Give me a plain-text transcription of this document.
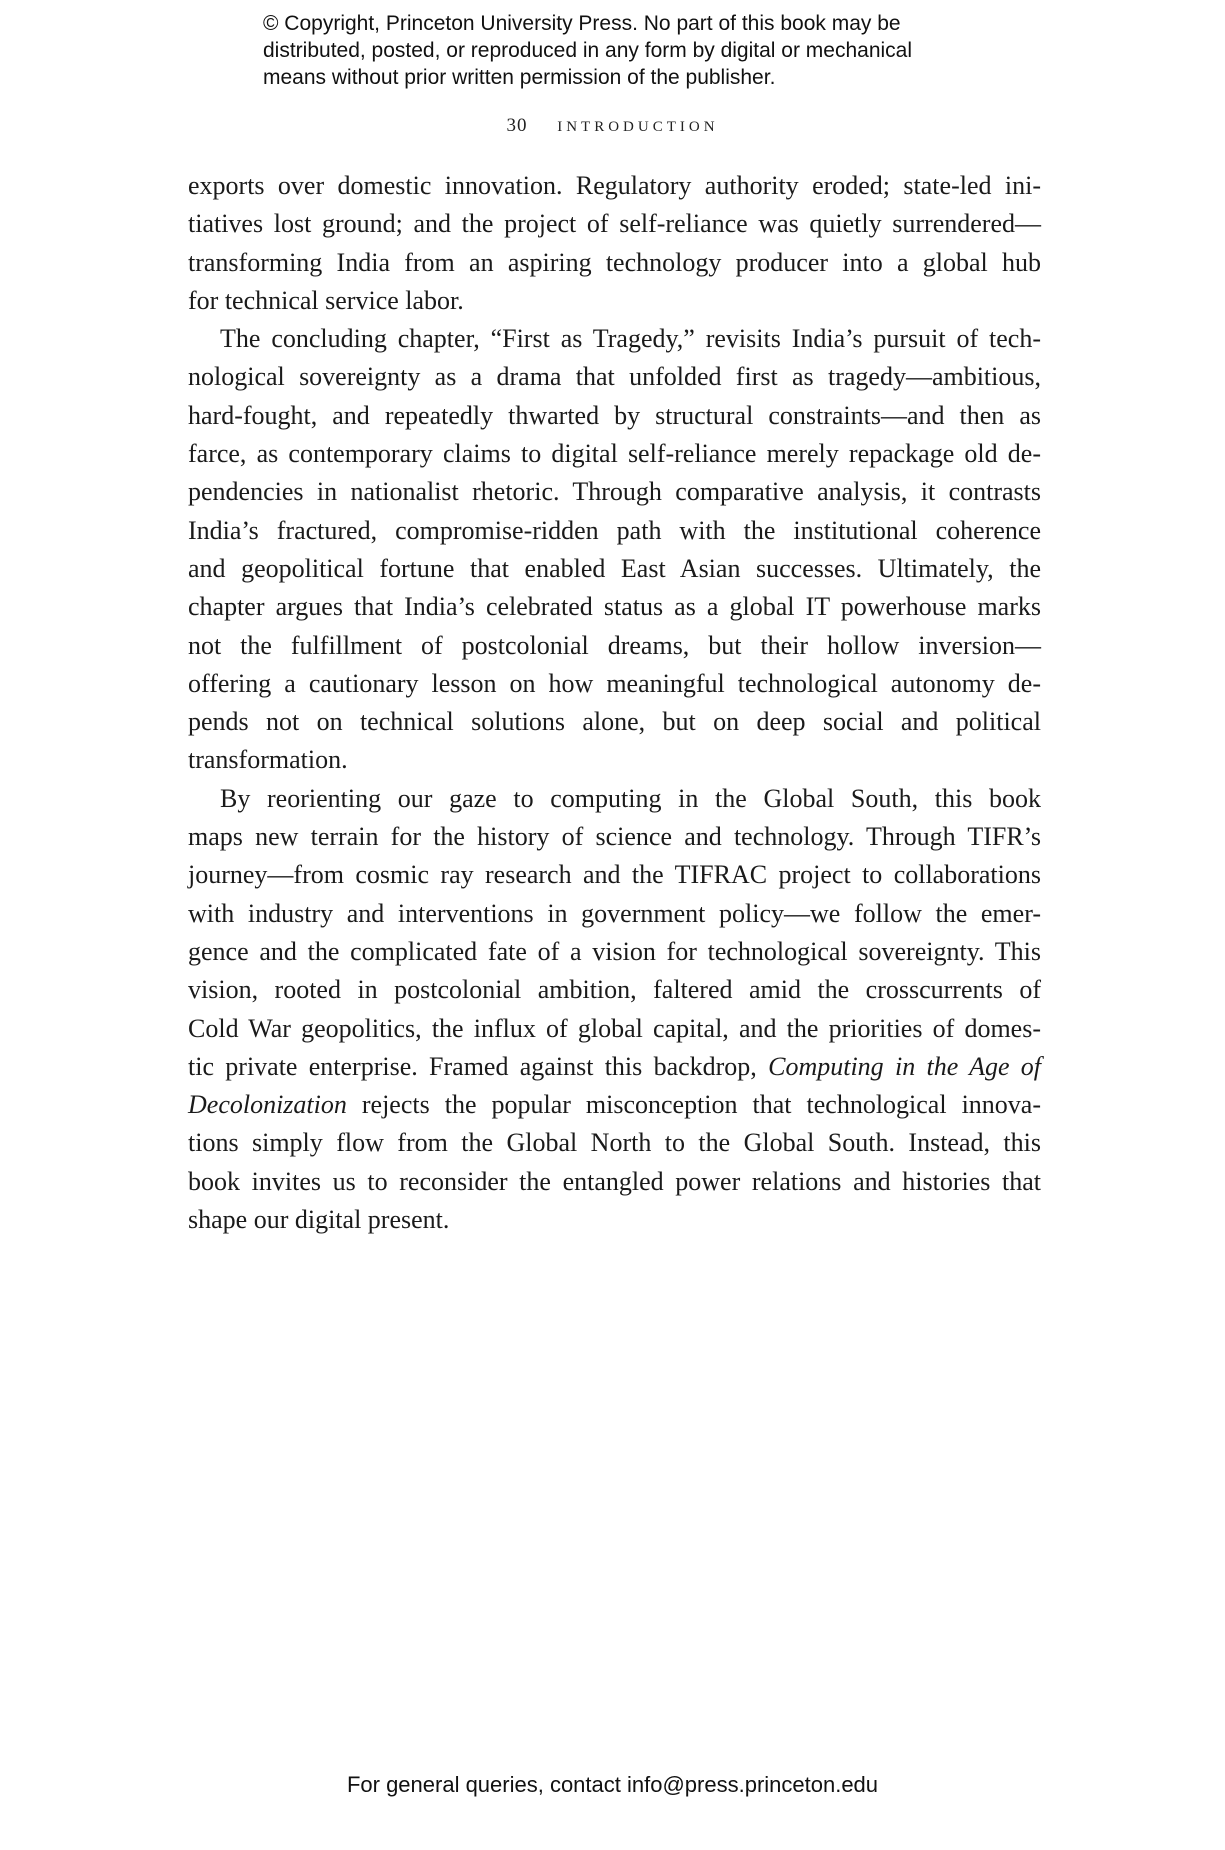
© Copyright, Princeton University Press. No part of this book may be
distributed, posted, or reproduced in any form by digital or mechanical
means without prior written permission of the publisher.
30 introduction
exports over domestic innovation. Regulatory authority eroded; state-led ini-
tiatives lost ground; and the project of self-reliance was quietly surrendered—
transforming India from an aspiring technology producer into a global hub
for technical service labor.
The concluding chapter, “First as Tragedy,” revisits India’s pursuit of tech-
nological sovereignty as a drama that unfolded first as tragedy—ambitious,
hard-fought, and repeatedly thwarted by structural constraints—and then as
farce, as contemporary claims to digital self-reliance merely repackage old de-
pendencies in nationalist rhetoric. Through comparative analysis, it contrasts
India’s fractured, compromise-ridden path with the institutional coherence
and geopolitical fortune that enabled East Asian successes. Ultimately, the
chapter argues that India’s celebrated status as a global IT powerhouse marks
not the fulfillment of postcolonial dreams, but their hollow inversion—
offering a cautionary lesson on how meaningful technological autonomy de-
pends not on technical solutions alone, but on deep social and political
transformation.
By reorienting our gaze to computing in the Global South, this book
maps new terrain for the history of science and technology. Through TIFR’s
journey—from cosmic ray research and the TIFRAC project to collaborations
with industry and interventions in government policy—we follow the emer-
gence and the complicated fate of a vision for technological sovereignty. This
vision, rooted in postcolonial ambition, faltered amid the crosscurrents of
Cold War geopolitics, the influx of global capital, and the priorities of domes-
tic private enterprise. Framed against this backdrop, Computing in the Age of
Decolonization rejects the popular misconception that technological innova-
tions simply flow from the Global North to the Global South. Instead, this
book invites us to reconsider the entangled power relations and histories that
shape our digital present.
For general queries, contact info@press.princeton.edu
